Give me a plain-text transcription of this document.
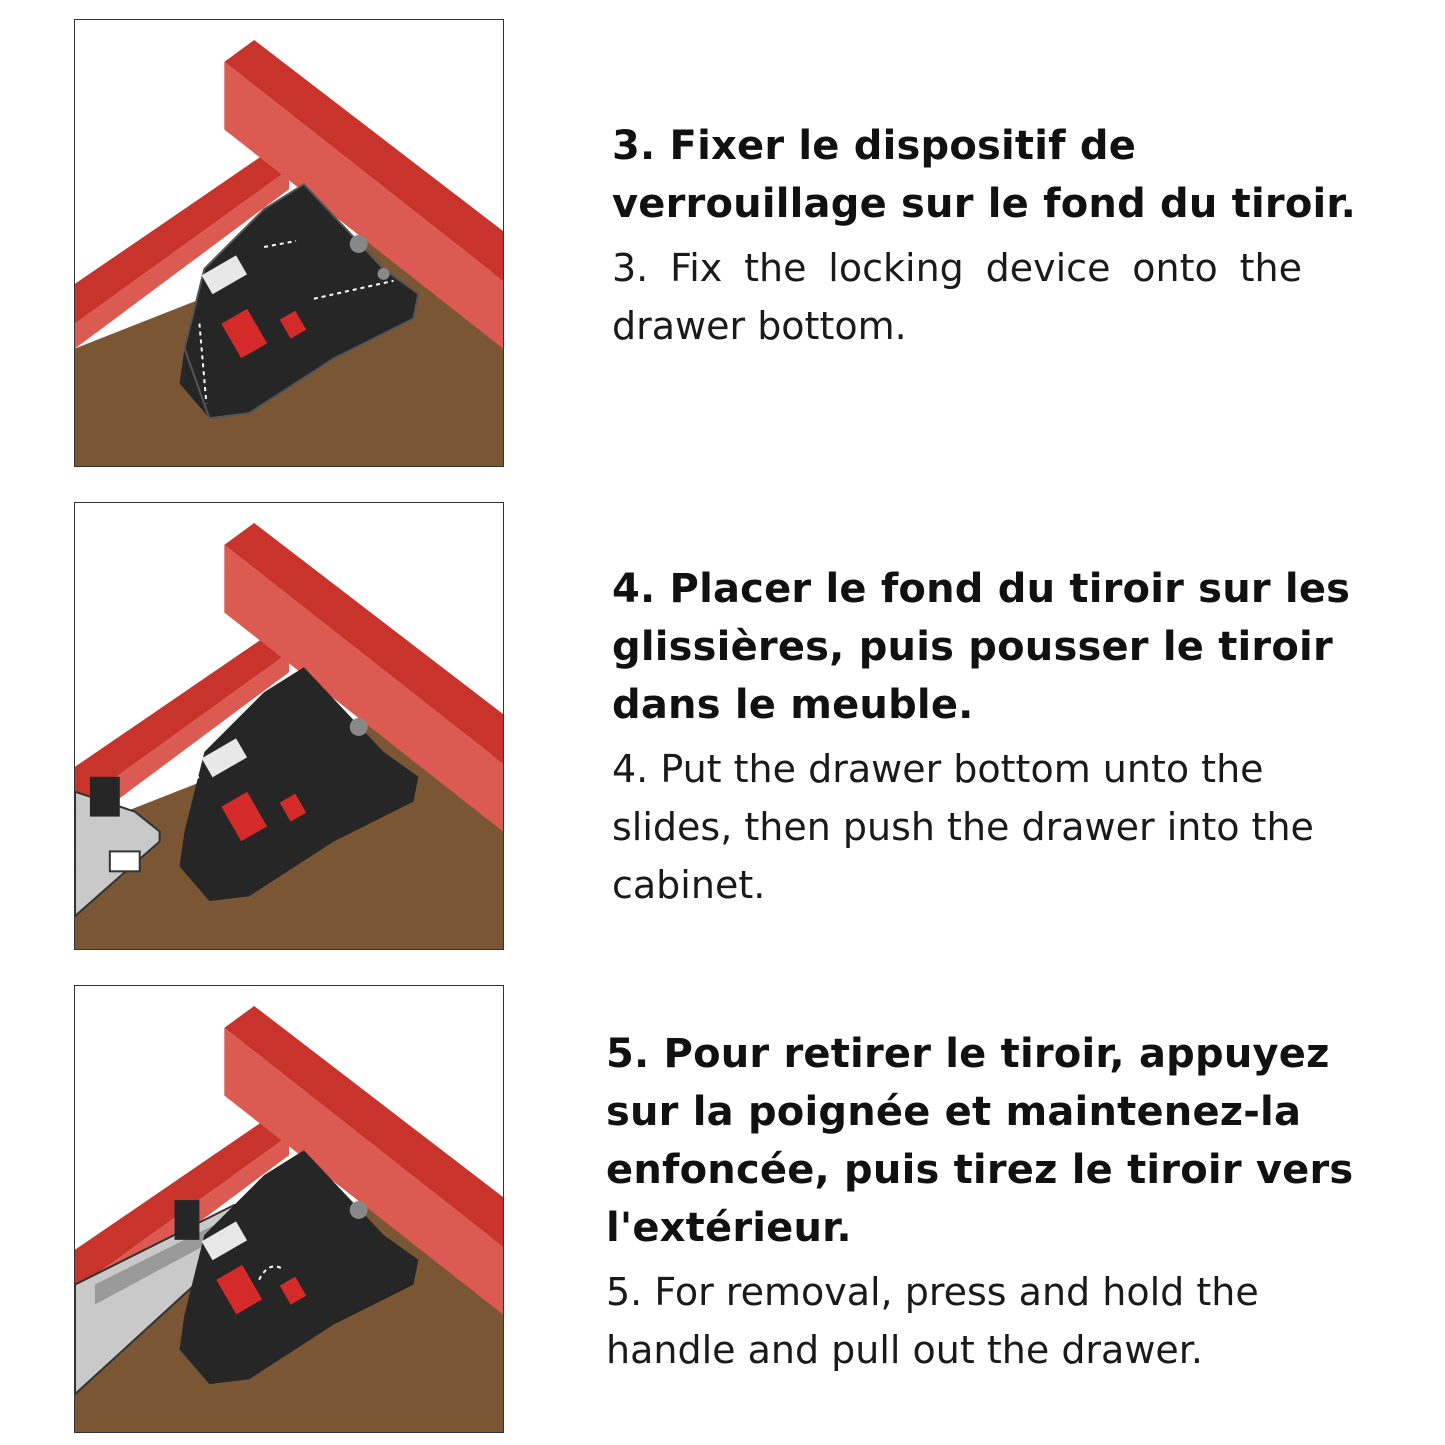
3. Fixer le dispositif de verrouillage sur le fond du tiroir.

3. Fix the locking device onto the drawer bottom.

4. Placer le fond du tiroir sur les glissières, puis pousser le tiroir dans le meuble.

4. Put the drawer bottom unto the slides, then push the drawer into the cabinet.

5. Pour retirer le tiroir, appuyez sur la poignée et maintenez-la enfoncée, puis tirez le tiroir vers l'extérieur.

5. For removal, press and hold the handle and pull out the drawer.
